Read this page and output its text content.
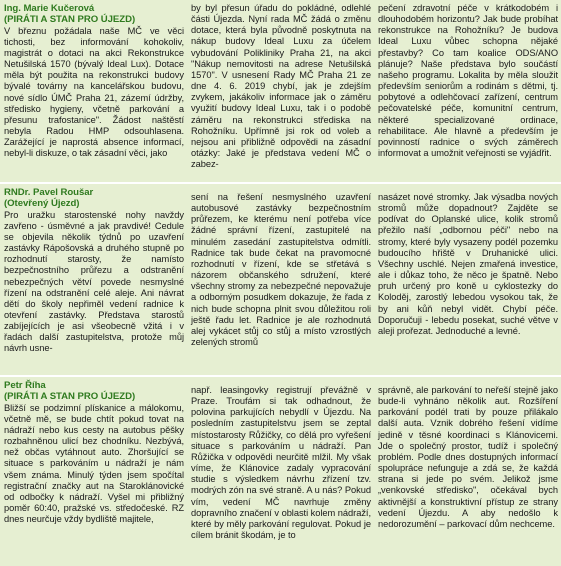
Ing. Marie Kučerová
(PIRÁTI A STAN PRO ÚJEZD)

V březnu požádala naše MČ ve věci tichosti, bez informování kohokoliv, magistrát o dotaci na akci Rekonstrukce Netušilská 1570 (bývalý Ideal Lux). Dotace měla být použita na rekonstrukci budovy bývalé továrny na kancelářskou budovu, nové sídlo ÚMČ Praha 21, zázemí údržby, středisko hygieny, včetně parkování a přesunu trafostanice". Žádost naštěstí nebyla Radou HMP odsouhlasena. Zarážející je naprostá absence informací, nebyl-li diskuze, o tak zásadní věci, jako

by byl přesun úřadu do pokládné, odlehlé části Újezda. Nyní rada MČ žádá o změnu dotace, která byla původně poskytnuta na nákup budovy Ideal Luxu za účelem vybudování Polikliniky Praha 21, na akci "Nákup nemovitosti na adrese Netušilská 1570". V usnesení Rady MČ Praha 21 ze dne 4. 6. 2019 chybí, jak je zdejším zvykem, jakákoliv informace jak o záměru využití budovy Ideal Luxu, tak i o podobě záměru na rekonstrukci střediska na Rohožníku. Upřímně jsi rok od voleb a nejsou ani přibližně odpovědi na zásadní otázky: Jaké je představa vedení MČ o zabez-

pečení zdravotní péče v krátkodobém i dlouhodobém horizontu? Jak bude probíhat rekonstrukce na Rohožníku? Je budova Ideal Luxu vůbec schopna nějaké přestavby? Co tam koalice ODS/ANO plánuje? Naše představa bylo součástí našeho programu. Lokalita by měla sloužit především seniorům a rodinám s dětmi, tj. pobytové a odlehčovací zařízení, centrum pečovatelské péče, komunitní centrum, některé specializované ordinace, rehabilitace. Ale hlavně a především je povinností radnice o svých záměrech informovat a umožnit veřejnosti se vyjádřit.

RNDr. Pavel Roušar
(Otevřený Újezd)

Pro uražku starostenské nohy navždy zavřeno - úsměvné a jak pravdivé! Cedule se objevila několik týdnů po uzavření zastávky Rápošovská a druhého stupně po rozhodnutí starosty, že namísto bezpečnostního průřezu a odstranění nebezpečných větví povede nesmyslné řízení na odstranění celé aleje. Ani návrat dětí do školy nepřiměl vedení radnice k otevření zastávky. Představa starostů zabíjejících je asi všeobecně vžitá i v řadách další zastupitelstva, protože můj návrh usne-

sení na řešení nesmyslného uzavření autobusové zastávky bezpečnostním průřezem, ke kterému není potřeba více žádné správní řízení, zastupitelé na minulém zasedání zastupitelstva odmítli. Radnice tak bude čekat na pravomocné rozhodnutí v řízení, kde se střetává s názorem občanského sdružení, které všechny stromy za nebezpečné nepovažuje a odborným posudkem dokazuje, že řada z nich bude schopna plnit svou důležitou roli ještě řadu let. Radnice je ale rozhodnutá alej vykácet stůj co stůj a místo vzrostlých zelených stromů

nasázet nové stromky. Jak výsadba nových stromů může dopadnout? Zajděte se podívat do Oplanské ulice, kolik stromů přežilo naší „odbornou péči" nebo na stromy, které byly vysazeny podél pozemku budoucího hřiště v Druhanické ulici. Všechny uschlé. Nejen zmařená investice, ale i důkaz toho, že něco je špatně. Nebo pruh určený pro koně u cyklostezky do Koloděj, zarostlý lebedou vysokou tak, že by ani kůň nebyl vidět. Chybí péče. Doporučuji - lebedu posekat, suché větve v aleji prořezat. Jednoduché a levné.

Petr Říha
(PIRÁTI A STAN PRO ÚJEZD)

Bližší se podzimní plískanice a málokomu, včetně mě, se bude chtít pokud tovat na nádraží nebo kus cesty na autobus pěšky rozbahněnou ulicí bez chodníku. Nezbývá, než občas vytáhnout auto. Zhoršující se situace s parkováním u nádraží je nám všem známa. Minulý týden jsem spočítal registrační značky aut na Staroklánovické od odbočky k nádraží. Vyšel mi přibližný poměr 60:40, pražské vs. středočeské. RZ dnes neurčuje vždy bydliště majitele,

např. leasingovky registrují převážně v Praze. Troufám si tak odhadnout, že polovina parkujících nebydlí v Újezdu. Na posledním zastupitelstvu jsem se zeptal místostarosty Růžičky, co dělá pro vyřešení situace s parkováním u nádraží. Pan Růžička v odpovědi neurčitě mlžil. My však víme, že Klánovice zadaly vypracování studie s výsledkem návrhu zřízení tzv. modrých zón na své straně. A u nás? Pokud vím, vedení MČ navrhuje změny dopravního značení v oblasti kolem nádraží, které by měly parkování regulovat. Pokud je cílem bránit škodám, je to

správně, ale parkování to neřeší stejně jako bude-li vyhnáno několik aut. Rozšíření parkování podél trati by pouze přilákalo další auta. Vznik dobrého řešení vidíme jedině v těsné koordinaci s Klánovicemi. Jde o společný prostor, tudíž i společný problém. Podle dnes dostupných informací spolupráce nefunguje a zdá se, že každá strana si jede po svém. Jelikož jsme „venkovské středisko", očekával bych aktivnější a konstruktivní přístup ze strany vedení Újezdu. A aby nedošlo k nedorozumění – parkovací dům nechceme.
